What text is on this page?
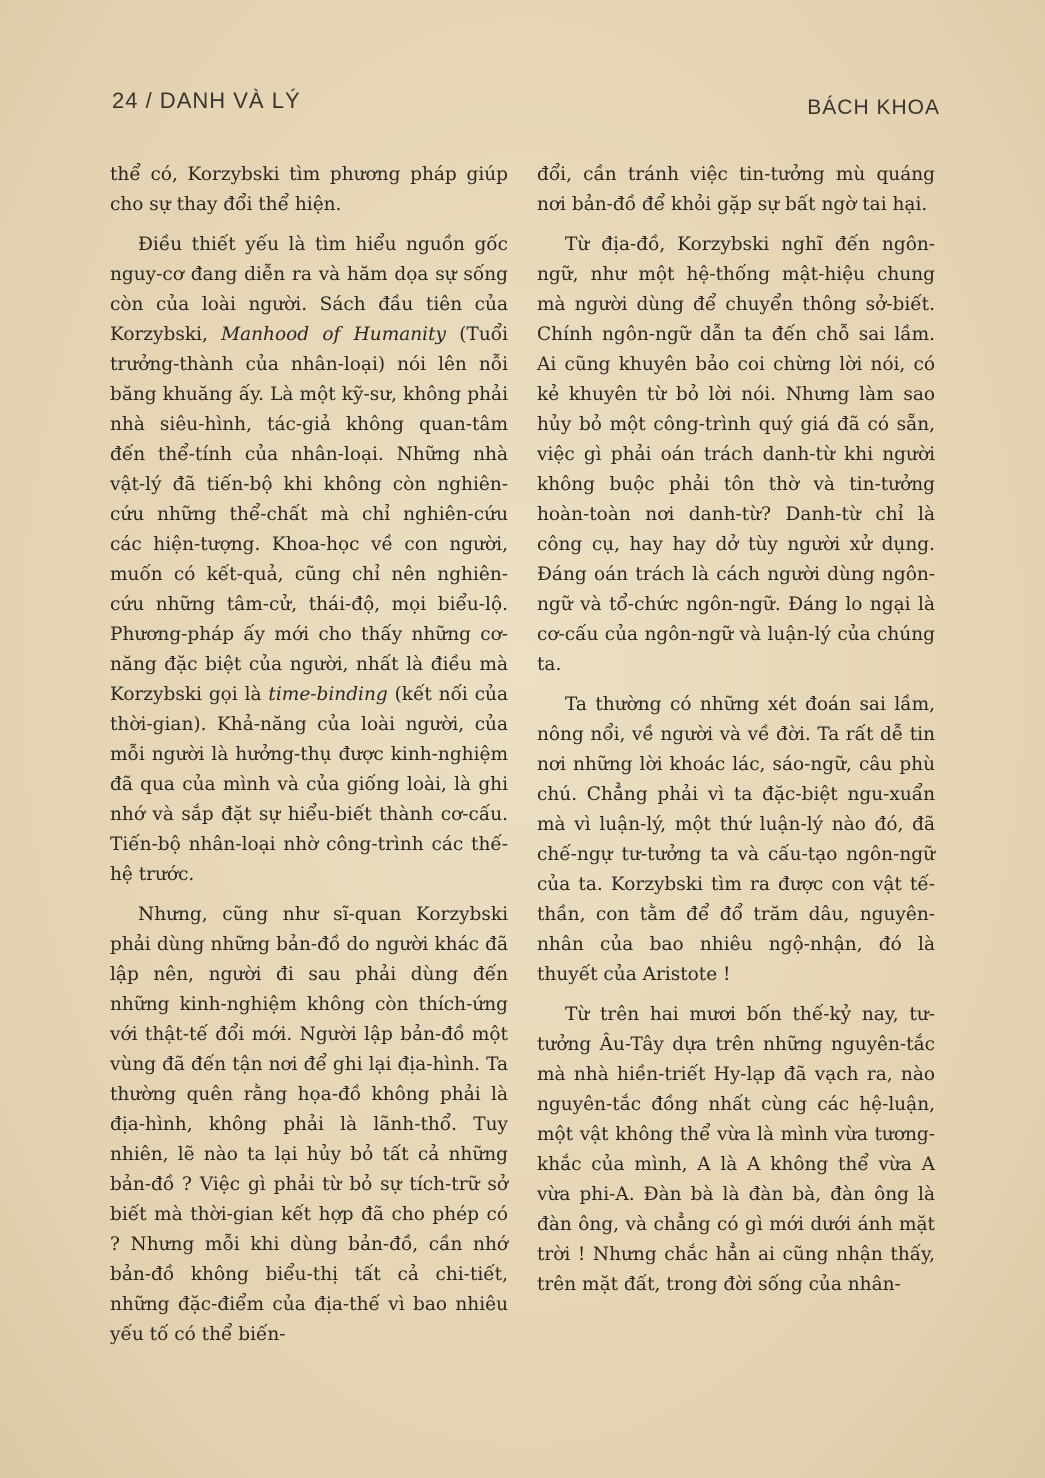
24 / DANH VÀ LÝ	BÁCH KHOA

thể có, Korzybski tìm phương pháp giúp cho sự thay đổi thể hiện.

Điều thiết yếu là tìm hiểu nguồn gốc nguy-cơ đang diễn ra và hăm dọa sự sống còn của loài người. Sách đầu tiên của Korzybski, Manhood of Humanity (Tuổi trưởng-thành của nhân-loại) nói lên nỗi băng khuăng ấy. Là một kỹ-sư, không phải nhà siêu-hình, tác-giả không quan-tâm đến thể-tính của nhân-loại. Những nhà vật-lý đã tiến-bộ khi không còn nghiên-cứu những thể-chất mà chỉ nghiên-cứu các hiện-tượng. Khoa-học về con người, muốn có kết-quả, cũng chỉ nên nghiên-cứu những tâm-cử, thái-độ, mọi biểu-lộ. Phương-pháp ấy mới cho thấy những cơ-năng đặc biệt của người, nhất là điều mà Korzybski gọi là time-binding (kết nối của thời-gian). Khả-năng của loài người, của mỗi người là hưởng-thụ được kinh-nghiệm đã qua của mình và của giống loài, là ghi nhớ và sắp đặt sự hiểu-biết thành cơ-cấu. Tiến-bộ nhân-loại nhờ công-trình các thế-hệ trước.

Nhưng, cũng như sĩ-quan Korzybski phải dùng những bản-đồ do người khác đã lập nên, người đi sau phải dùng đến những kinh-nghiệm không còn thích-ứng với thật-tế đổi mới. Người lập bản-đồ một vùng đã đến tận nơi để ghi lại địa-hình. Ta thường quên rằng họa-đồ không phải là địa-hình, không phải là lãnh-thổ. Tuy nhiên, lẽ nào ta lại hủy bỏ tất cả những bản-đồ ? Việc gì phải từ bỏ sự tích-trữ sở biết mà thời-gian kết hợp đã cho phép có ? Nhưng mỗi khi dùng bản-đồ, cần nhớ bản-đồ không biểu-thị tất cả chi-tiết, những đặc-điểm của địa-thế vì bao nhiêu yếu tố có thể biến-

đổi, cần tránh việc tin-tưởng mù quáng nơi bản-đồ để khỏi gặp sự bất ngờ tai hại.

Từ địa-đồ, Korzybski nghĩ đến ngôn-ngữ, như một hệ-thống mật-hiệu chung mà người dùng để chuyển thông sở-biết. Chính ngôn-ngữ dẫn ta đến chỗ sai lầm. Ai cũng khuyên bảo coi chừng lời nói, có kẻ khuyên từ bỏ lời nói. Nhưng làm sao hủy bỏ một công-trình quý giá đã có sẵn, việc gì phải oán trách danh-từ khi người không buộc phải tôn thờ và tin-tưởng hoàn-toàn nơi danh-từ? Danh-từ chỉ là công cụ, hay hay dở tùy người xử dụng. Đáng oán trách là cách người dùng ngôn-ngữ và tổ-chức ngôn-ngữ. Đáng lo ngại là cơ-cấu của ngôn-ngữ và luận-lý của chúng ta.

Ta thường có những xét đoán sai lầm, nông nổi, về người và về đời. Ta rất dễ tin nơi những lời khoác lác, sáo-ngữ, câu phù chú. Chẳng phải vì ta đặc-biệt ngu-xuẩn mà vì luận-lý, một thứ luận-lý nào đó, đã chế-ngự tư-tưởng ta và cấu-tạo ngôn-ngữ của ta. Korzybski tìm ra được con vật tế-thần, con tằm để đổ trăm dâu, nguyên-nhân của bao nhiêu ngộ-nhận, đó là thuyết của Aristote !

Từ trên hai mươi bốn thế-kỷ nay, tư-tưởng Âu-Tây dựa trên những nguyên-tắc mà nhà hiền-triết Hy-lạp đã vạch ra, nào nguyên-tắc đồng nhất cùng các hệ-luận, một vật không thể vừa là mình vừa tương-khắc của mình, A là A không thể vừa A vừa phi-A. Đàn bà là đàn bà, đàn ông là đàn ông, và chẳng có gì mới dưới ánh mặt trời ! Nhưng chắc hẳn ai cũng nhận thấy, trên mặt đất, trong đời sống của nhân-
